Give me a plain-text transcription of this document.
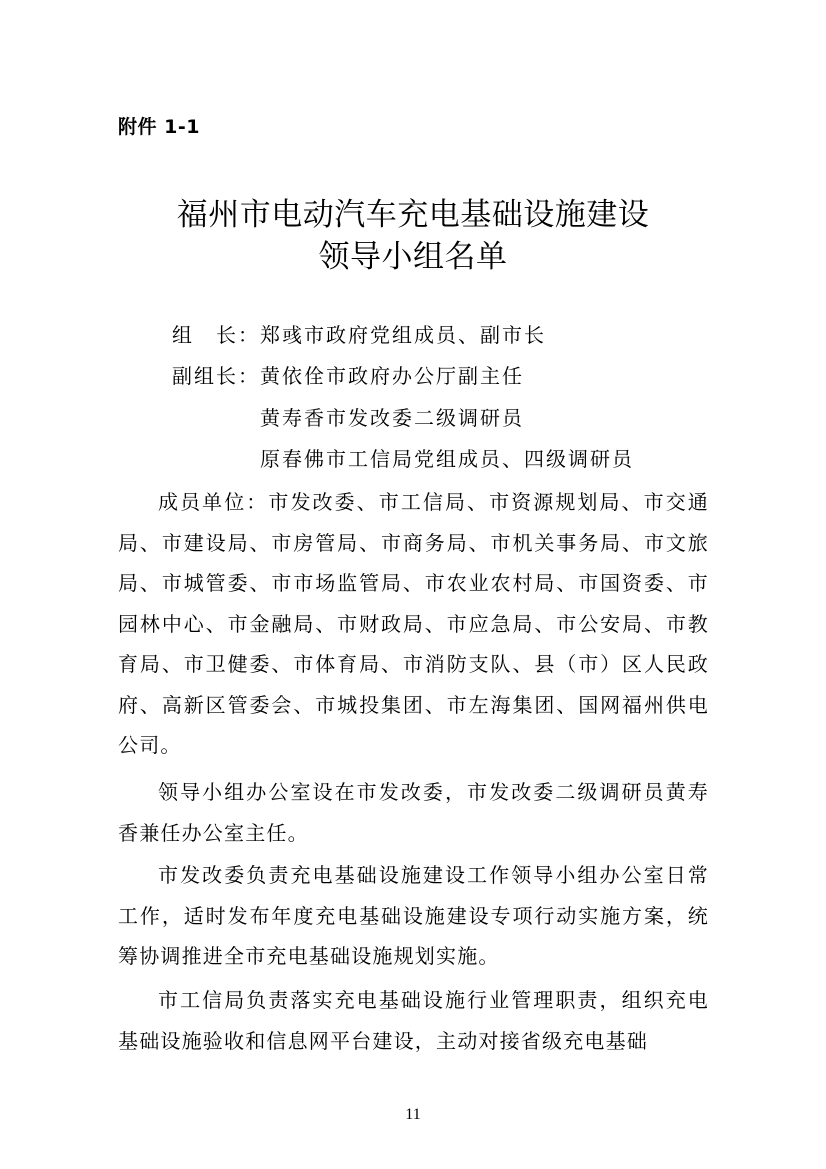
附件 1-1
福州市电动汽车充电基础设施建设
领导小组名单
组　长：郑彧市政府党组成员、副市长
副组长：黄依佺市政府办公厅副主任
黄寿香市发改委二级调研员
原春佛市工信局党组成员、四级调研员
成员单位：市发改委、市工信局、市资源规划局、市交通局、市建设局、市房管局、市商务局、市机关事务局、市文旅局、市城管委、市市场监管局、市农业农村局、市国资委、市园林中心、市金融局、市财政局、市应急局、市公安局、市教育局、市卫健委、市体育局、市消防支队、县（市）区人民政府、高新区管委会、市城投集团、市左海集团、国网福州供电公司。
领导小组办公室设在市发改委，市发改委二级调研员黄寿香兼任办公室主任。
市发改委负责充电基础设施建设工作领导小组办公室日常工作，适时发布年度充电基础设施建设专项行动实施方案，统筹协调推进全市充电基础设施规划实施。
市工信局负责落实充电基础设施行业管理职责，组织充电基础设施验收和信息网平台建设，主动对接省级充电基础
11
